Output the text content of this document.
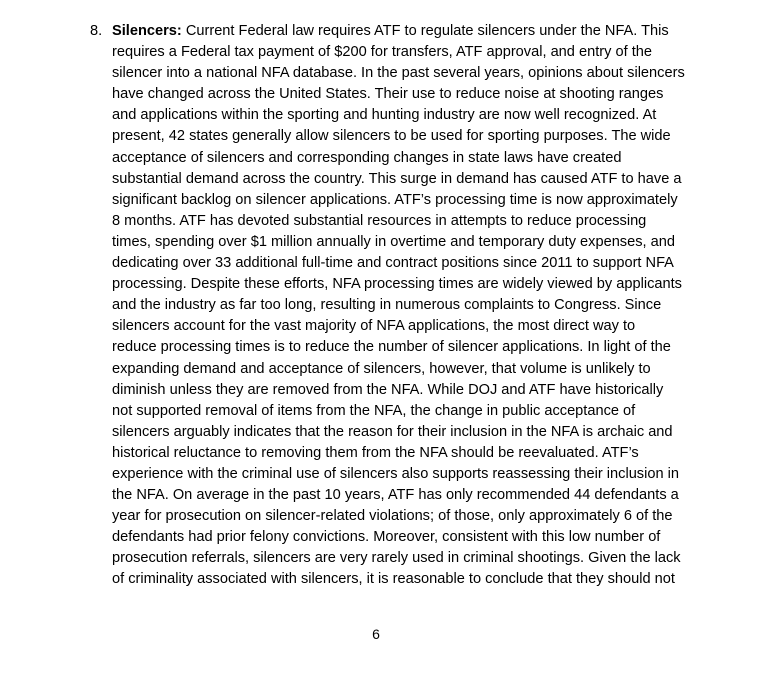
8. Silencers: Current Federal law requires ATF to regulate silencers under the NFA. This
requires a Federal tax payment of $200 for transfers, ATF approval, and entry of the
silencer into a national NFA database. In the past several years, opinions about silencers
have changed across the United States. Their use to reduce noise at shooting ranges
and applications within the sporting and hunting industry are now well recognized. At
present, 42 states generally allow silencers to be used for sporting purposes. The wide
acceptance of silencers and corresponding changes in state laws have created
substantial demand across the country. This surge in demand has caused ATF to have a
significant backlog on silencer applications. ATF’s processing time is now approximately
8 months. ATF has devoted substantial resources in attempts to reduce processing
times, spending over $1 million annually in overtime and temporary duty expenses, and
dedicating over 33 additional full-time and contract positions since 2011 to support NFA
processing. Despite these efforts, NFA processing times are widely viewed by applicants
and the industry as far too long, resulting in numerous complaints to Congress. Since
silencers account for the vast majority of NFA applications, the most direct way to
reduce processing times is to reduce the number of silencer applications. In light of the
expanding demand and acceptance of silencers, however, that volume is unlikely to
diminish unless they are removed from the NFA. While DOJ and ATF have historically
not supported removal of items from the NFA, the change in public acceptance of
silencers arguably indicates that the reason for their inclusion in the NFA is archaic and
historical reluctance to removing them from the NFA should be reevaluated. ATF’s
experience with the criminal use of silencers also supports reassessing their inclusion in
the NFA. On average in the past 10 years, ATF has only recommended 44 defendants a
year for prosecution on silencer-related violations; of those, only approximately 6 of the
defendants had prior felony convictions. Moreover, consistent with this low number of
prosecution referrals, silencers are very rarely used in criminal shootings. Given the lack
of criminality associated with silencers, it is reasonable to conclude that they should not
6
